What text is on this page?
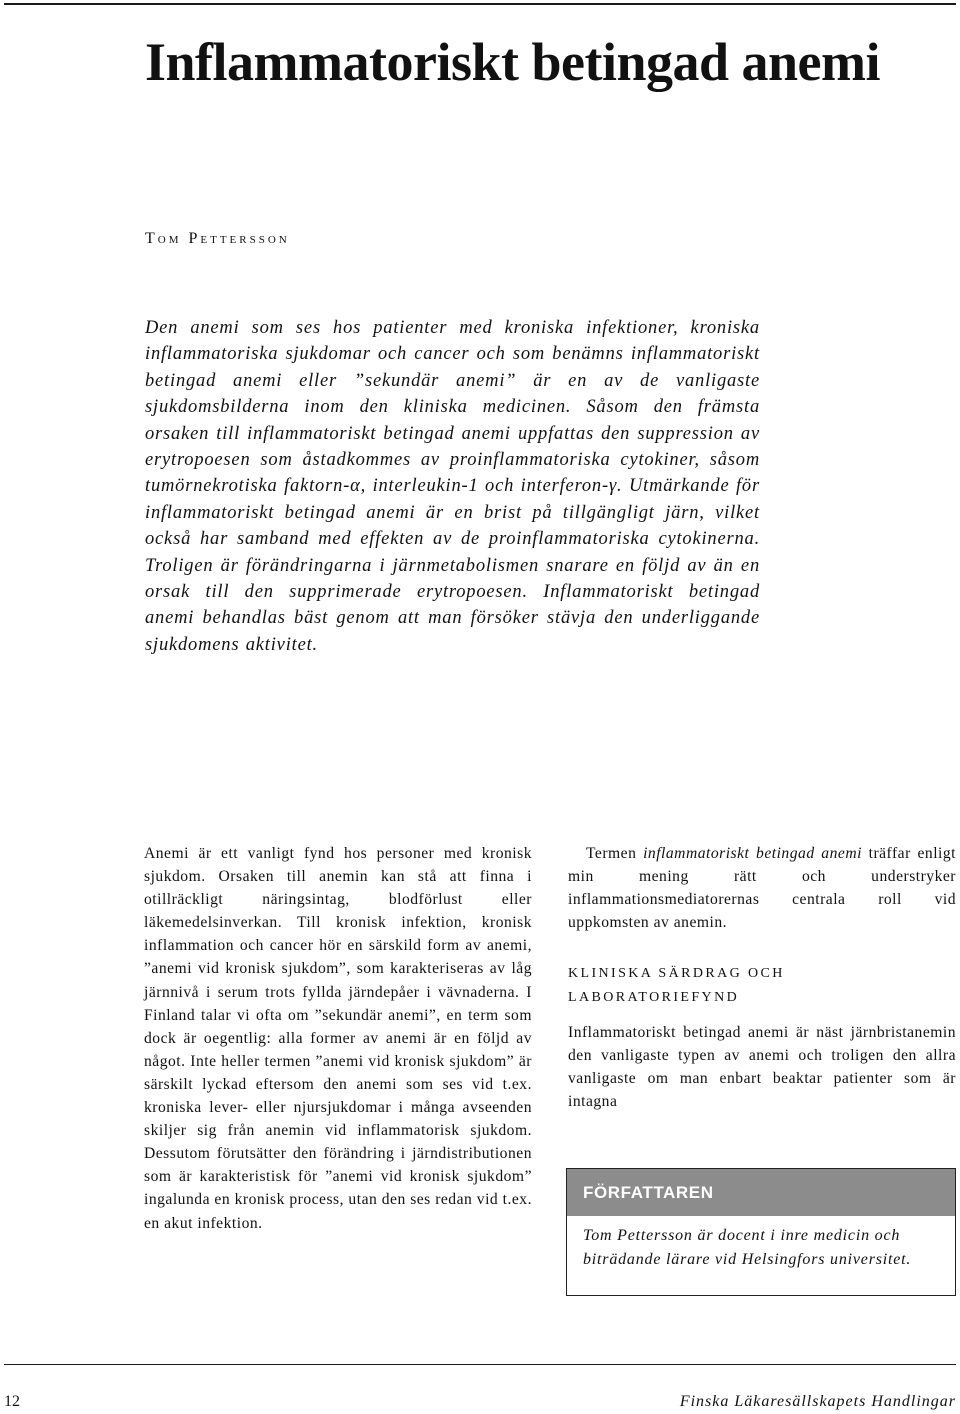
Inflammatoriskt betingad anemi

Tom Pettersson

Den anemi som ses hos patienter med kroniska infektioner, kroniska inflammatoriska sjukdomar och cancer och som benämns inflammatoriskt betingad anemi eller ”sekundär anemi” är en av de vanligaste sjukdomsbilderna inom den kliniska medicinen. Såsom den främsta orsaken till inflammatoriskt betingad anemi uppfattas den suppression av erytropoesen som åstadkommes av proinflammatoriska cytokiner, såsom tumörnekrotiska faktorn-α, interleukin-1 och interferon-γ. Utmärkande för inflammatoriskt betingad anemi är en brist på tillgängligt järn, vilket också har samband med effekten av de proinflammatoriska cytokinerna. Troligen är förändringarna i järnmetabolismen snarare en följd av än en orsak till den supprimerade erytropoesen. Inflammatoriskt betingad anemi behandlas bäst genom att man försöker stävja den underliggande sjukdomens aktivitet.

Anemi är ett vanligt fynd hos personer med kronisk sjukdom. Orsaken till anemin kan stå att finna i otillräckligt näringsintag, blodförlust eller läkemedelsinverkan. Till kronisk infektion, kronisk inflammation och cancer hör en särskild form av anemi, ”anemi vid kronisk sjukdom”, som karakteriseras av låg järnnivå i serum trots fyllda järndepåer i vävnaderna. I Finland talar vi ofta om ”sekundär anemi”, en term som dock är oegentlig: alla former av anemi är en följd av något. Inte heller termen ”anemi vid kronisk sjukdom” är särskilt lyckad eftersom den anemi som ses vid t.ex. kroniska lever- eller njursjukdomar i många avseenden skiljer sig från anemin vid inflammatorisk sjukdom. Dessutom förutsätter den förändring i järndistributionen som är karakteristisk för ”anemi vid kronisk sjukdom” ingalunda en kronisk process, utan den ses redan vid t.ex. en akut infektion.

Termen inflammatoriskt betingad anemi träffar enligt min mening rätt och understryker inflammationsmediatorernas centrala roll vid uppkomsten av anemin.

KLINISKA SÄRDRAG OCH LABORATORIEFYND

Inflammatoriskt betingad anemi är näst järnbristanemin den vanligaste typen av anemi och troligen den allra vanligaste om man enbart beaktar patienter som är intagna

FÖRFATTAREN

Tom Pettersson är docent i inre medicin och biträdande lärare vid Helsingfors universitet.

12	Finska Läkaresällskapets Handlingar
